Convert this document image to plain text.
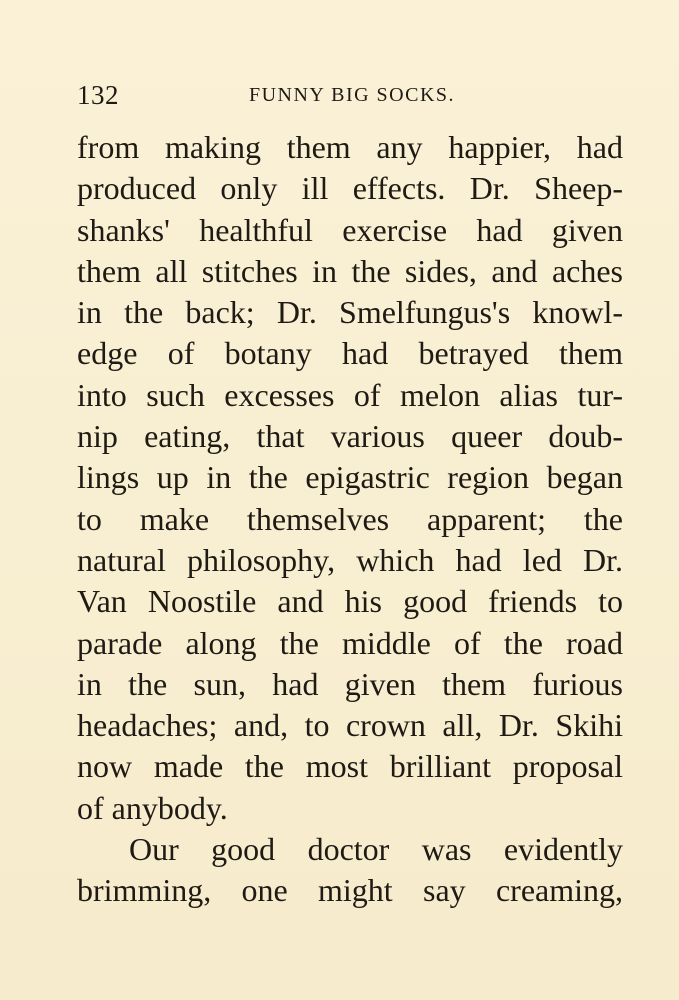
132	FUNNY BIG SOCKS.
from making them any happier, had
produced only ill effects. Dr. Sheep-
shanks' healthful exercise had given
them all stitches in the sides, and aches
in the back; Dr. Smelfungus's knowl-
edge of botany had betrayed them
into such excesses of melon alias tur-
nip eating, that various queer doub-
lings up in the epigastric region began
to make themselves apparent; the
natural philosophy, which had led Dr.
Van Noostile and his good friends to
parade along the middle of the road
in the sun, had given them furious
headaches; and, to crown all, Dr. Skihi
now made the most brilliant proposal
of anybody.
Our good doctor was evidently
brimming, one might say creaming,
